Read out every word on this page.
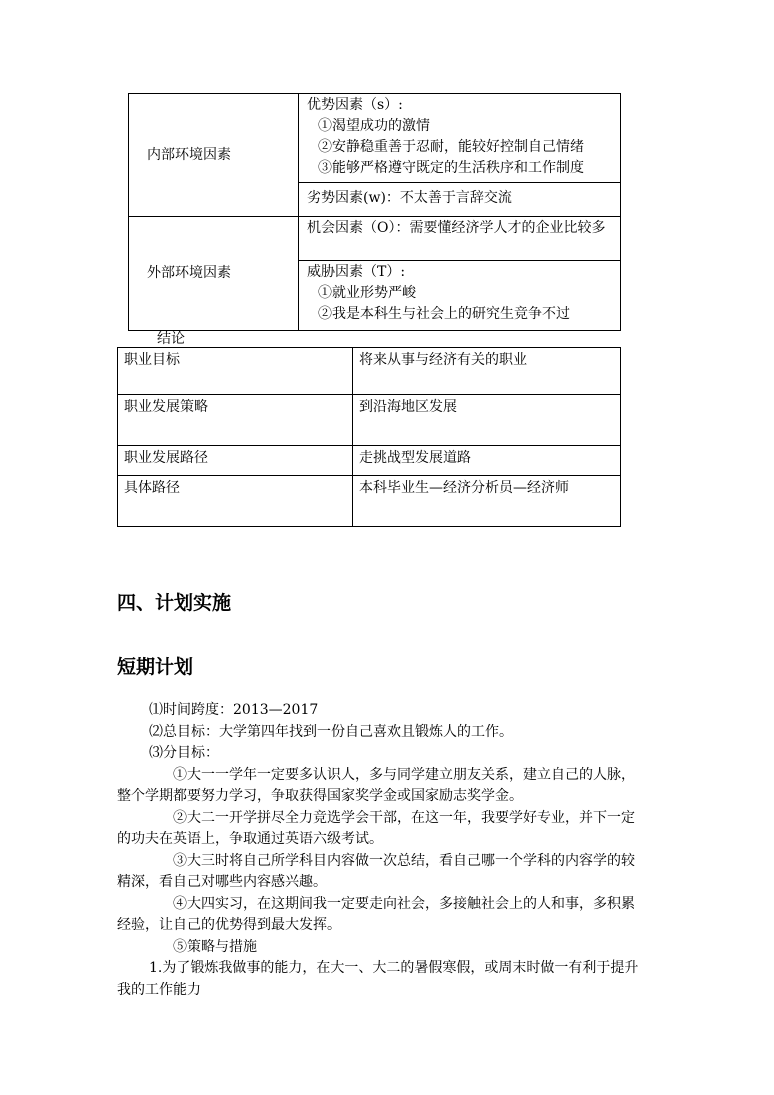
内部环境因素	优势因素（s）:
①渴望成功的激情
②安静稳重善于忍耐，能较好控制自己情绪
③能够严格遵守既定的生活秩序和工作制度

	劣势因素(w)：不太善于言辞交流
外部环境因素	机会因素（O）：需要懂经济学人才的企业比较多

	威胁因素（T）:
①就业形势严峻
②我是本科生与社会上的研究生竞争不过
结论
职业目标	将来从事与经济有关的职业
职业发展策略	到沿海地区发展
职业发展路径	走挑战型发展道路
具体路径	本科毕业生—经济分析员—经济师
四、计划实施
短期计划

⑴时间跨度：2013—2017

⑵总目标：大学第四年找到一份自己喜欢且锻炼人的工作。

⑶分目标：

①大一一学年一定要多认识人，多与同学建立朋友关系，建立自己的人脉，整个学期都要努力学习，争取获得国家奖学金或国家励志奖学金。

②大二一开学拼尽全力竞选学会干部，在这一年，我要学好专业，并下一定的功夫在英语上，争取通过英语六级考试。

③大三时将自己所学科目内容做一次总结，看自己哪一个学科的内容学的较精深，看自己对哪些内容感兴趣。

④大四实习，在这期间我一定要走向社会，多接触社会上的人和事，多积累经验，让自己的优势得到最大发挥。

⑤策略与措施

1.为了锻炼我做事的能力，在大一、大二的暑假寒假，或周末时做一有利于提升我的工作能力
